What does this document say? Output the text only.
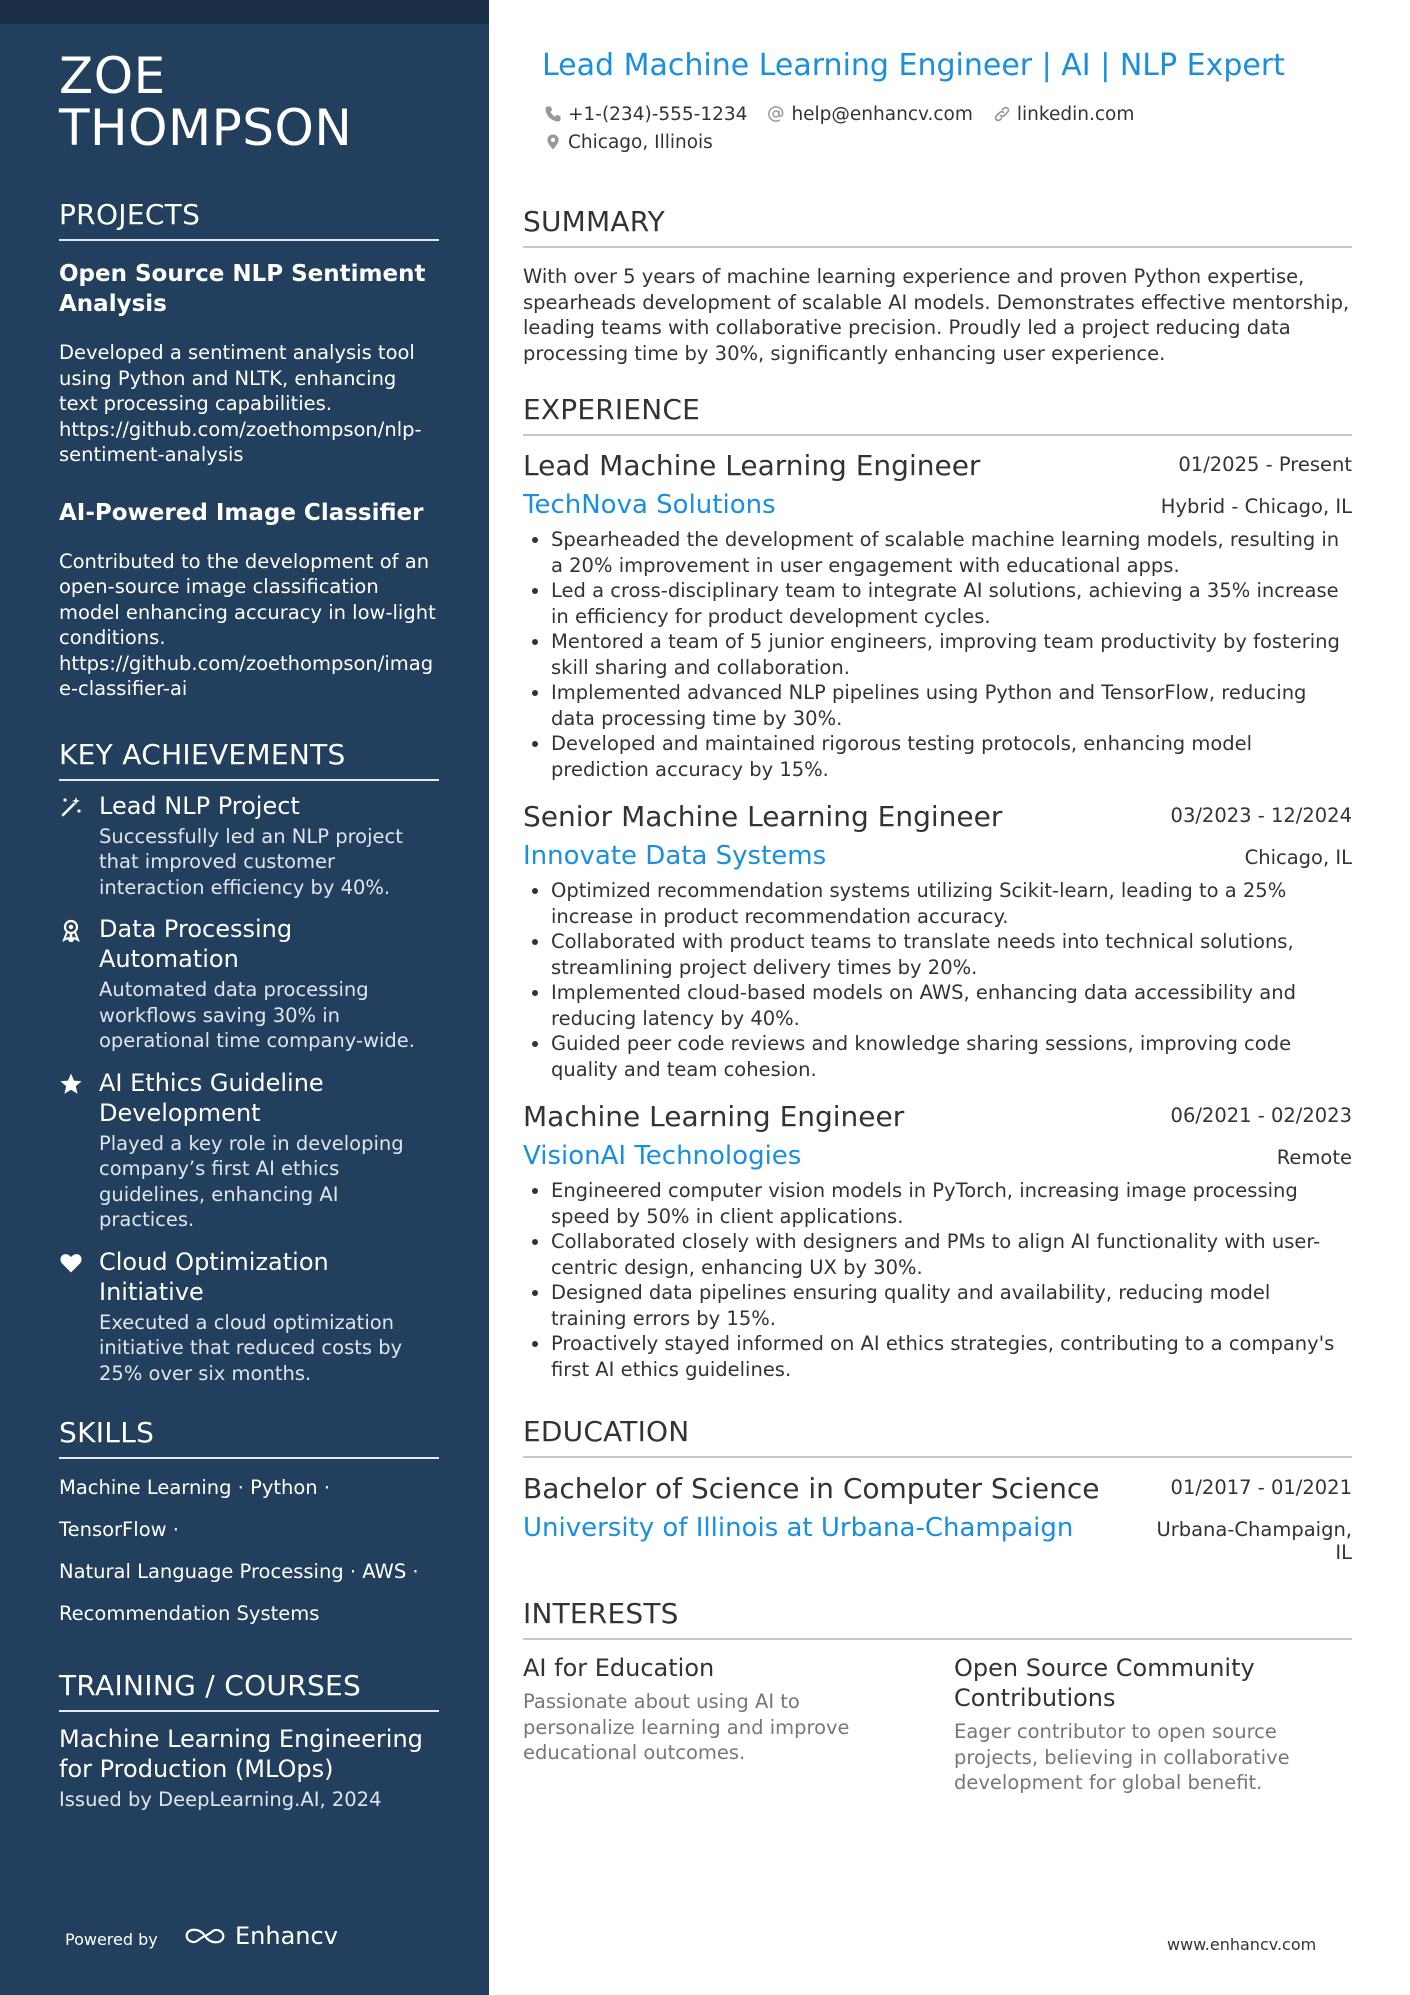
ZOE THOMPSON
PROJECTS
Open Source NLP Sentiment Analysis
Developed a sentiment analysis tool using Python and NLTK, enhancing text processing capabilities. https://github.com/zoethompson/nlp-sentiment-analysis
AI-Powered Image Classifier
Contributed to the development of an open-source image classification model enhancing accuracy in low-light conditions. https://github.com/zoethompson/image-classifier-ai
KEY ACHIEVEMENTS
Lead NLP Project
Successfully led an NLP project that improved customer interaction efficiency by 40%.
Data Processing Automation
Automated data processing workflows saving 30% in operational time company-wide.
AI Ethics Guideline Development
Played a key role in developing company’s first AI ethics guidelines, enhancing AI practices.
Cloud Optimization Initiative
Executed a cloud optimization initiative that reduced costs by 25% over six months.
SKILLS
Machine Learning · Python ·
TensorFlow ·
Natural Language Processing · AWS ·
Recommendation Systems
TRAINING / COURSES
Machine Learning Engineering for Production (MLOps)
Issued by DeepLearning.AI, 2024
Powered by	Enhancv
Lead Machine Learning Engineer | AI | NLP Expert
+1-(234)-555-1234 help@enhancv.com linkedin.com
Chicago, Illinois
SUMMARY
With over 5 years of machine learning experience and proven Python expertise, spearheads development of scalable AI models. Demonstrates effective mentorship, leading teams with collaborative precision. Proudly led a project reducing data processing time by 30%, significantly enhancing user experience.
EXPERIENCE
Lead Machine Learning Engineer	01/2025 - Present
TechNova Solutions	Hybrid - Chicago, IL
• Spearheaded the development of scalable machine learning models, resulting in a 20% improvement in user engagement with educational apps.
• Led a cross-disciplinary team to integrate AI solutions, achieving a 35% increase in efficiency for product development cycles.
• Mentored a team of 5 junior engineers, improving team productivity by fostering skill sharing and collaboration.
• Implemented advanced NLP pipelines using Python and TensorFlow, reducing data processing time by 30%.
• Developed and maintained rigorous testing protocols, enhancing model prediction accuracy by 15%.
Senior Machine Learning Engineer	03/2023 - 12/2024
Innovate Data Systems	Chicago, IL
• Optimized recommendation systems utilizing Scikit-learn, leading to a 25% increase in product recommendation accuracy.
• Collaborated with product teams to translate needs into technical solutions, streamlining project delivery times by 20%.
• Implemented cloud-based models on AWS, enhancing data accessibility and reducing latency by 40%.
• Guided peer code reviews and knowledge sharing sessions, improving code quality and team cohesion.
Machine Learning Engineer	06/2021 - 02/2023
VisionAI Technologies	Remote
• Engineered computer vision models in PyTorch, increasing image processing speed by 50% in client applications.
• Collaborated closely with designers and PMs to align AI functionality with user-centric design, enhancing UX by 30%.
• Designed data pipelines ensuring quality and availability, reducing model training errors by 15%.
• Proactively stayed informed on AI ethics strategies, contributing to a company's first AI ethics guidelines.
EDUCATION
Bachelor of Science in Computer Science	01/2017 - 01/2021
University of Illinois at Urbana-Champaign	Urbana-Champaign, IL
INTERESTS
AI for Education
Passionate about using AI to personalize learning and improve educational outcomes.
Open Source Community Contributions
Eager contributor to open source projects, believing in collaborative development for global benefit.
www.enhancv.com
